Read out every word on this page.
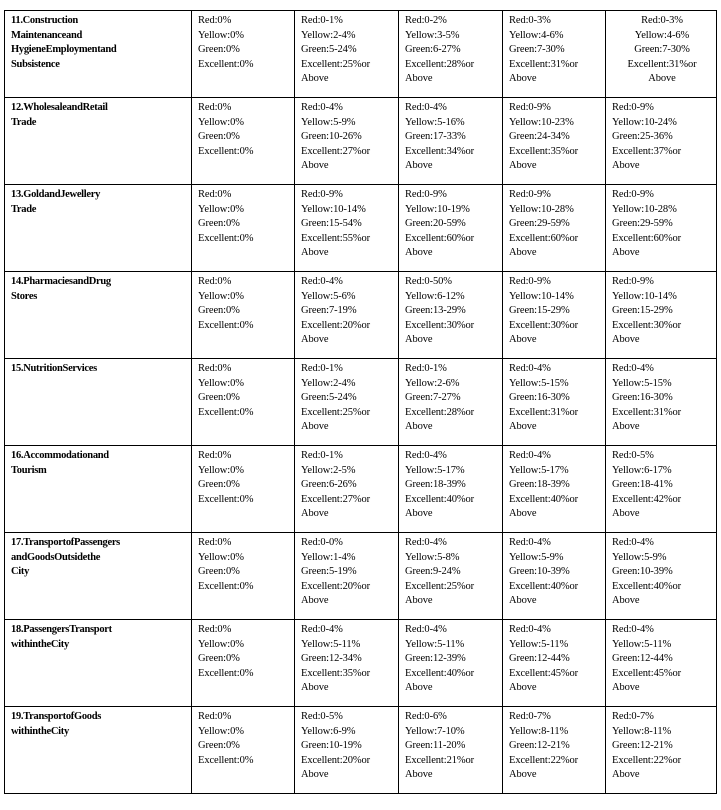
11.Construction
Maintenanceand
HygieneEmploymentand
Subsistence	Red:0%
Yellow:0%
Green:0%
Excellent:0%	Red:0-1%
Yellow:2-4%
Green:5-24%
Excellent:25%or
Above	Red:0-2%
Yellow:3-5%
Green:6-27%
Excellent:28%or
Above	Red:0-3%
Yellow:4-6%
Green:7-30%
Excellent:31%or
Above	Red:0-3%
Yellow:4-6%
Green:7-30%
Excellent:31%or
Above

12.WholesaleandRetail
Trade	Red:0%
Yellow:0%
Green:0%
Excellent:0%	Red:0-4%
Yellow:5-9%
Green:10-26%
Excellent:27%or
Above	Red:0-4%
Yellow:5-16%
Green:17-33%
Excellent:34%or
Above	Red:0-9%
Yellow:10-23%
Green:24-34%
Excellent:35%or
Above	Red:0-9%
Yellow:10-24%
Green:25-36%
Excellent:37%or
Above

13.GoldandJewellery
Trade	Red:0%
Yellow:0%
Green:0%
Excellent:0%	Red:0-9%
Yellow:10-14%
Green:15-54%
Excellent:55%or
Above	Red:0-9%
Yellow:10-19%
Green:20-59%
Excellent:60%or
Above	Red:0-9%
Yellow:10-28%
Green:29-59%
Excellent:60%or
Above	Red:0-9%
Yellow:10-28%
Green:29-59%
Excellent:60%or
Above

14.PharmaciesandDrug
Stores	Red:0%
Yellow:0%
Green:0%
Excellent:0%	Red:0-4%
Yellow:5-6%
Green:7-19%
Excellent:20%or
Above	Red:0-50%
Yellow:6-12%
Green:13-29%
Excellent:30%or
Above	Red:0-9%
Yellow:10-14%
Green:15-29%
Excellent:30%or
Above	Red:0-9%
Yellow:10-14%
Green:15-29%
Excellent:30%or
Above

15.NutritionServices	Red:0%
Yellow:0%
Green:0%
Excellent:0%	Red:0-1%
Yellow:2-4%
Green:5-24%
Excellent:25%or
Above	Red:0-1%
Yellow:2-6%
Green:7-27%
Excellent:28%or
Above	Red:0-4%
Yellow:5-15%
Green:16-30%
Excellent:31%or
Above	Red:0-4%
Yellow:5-15%
Green:16-30%
Excellent:31%or
Above

16.Accommodationand
Tourism	Red:0%
Yellow:0%
Green:0%
Excellent:0%	Red:0-1%
Yellow:2-5%
Green:6-26%
Excellent:27%or
Above	Red:0-4%
Yellow:5-17%
Green:18-39%
Excellent:40%or
Above	Red:0-4%
Yellow:5-17%
Green:18-39%
Excellent:40%or
Above	Red:0-5%
Yellow:6-17%
Green:18-41%
Excellent:42%or
Above

17.TransportofPassengers
andGoodsOutsidethe
City	Red:0%
Yellow:0%
Green:0%
Excellent:0%	Red:0-0%
Yellow:1-4%
Green:5-19%
Excellent:20%or
Above	Red:0-4%
Yellow:5-8%
Green:9-24%
Excellent:25%or
Above	Red:0-4%
Yellow:5-9%
Green:10-39%
Excellent:40%or
Above	Red:0-4%
Yellow:5-9%
Green:10-39%
Excellent:40%or
Above

18.PassengersTransport
withintheCity	Red:0%
Yellow:0%
Green:0%
Excellent:0%	Red:0-4%
Yellow:5-11%
Green:12-34%
Excellent:35%or
Above	Red:0-4%
Yellow:5-11%
Green:12-39%
Excellent:40%or
Above	Red:0-4%
Yellow:5-11%
Green:12-44%
Excellent:45%or
Above	Red:0-4%
Yellow:5-11%
Green:12-44%
Excellent:45%or
Above

19.TransportofGoods
withintheCity	Red:0%
Yellow:0%
Green:0%
Excellent:0%	Red:0-5%
Yellow:6-9%
Green:10-19%
Excellent:20%or
Above	Red:0-6%
Yellow:7-10%
Green:11-20%
Excellent:21%or
Above	Red:0-7%
Yellow:8-11%
Green:12-21%
Excellent:22%or
Above	Red:0-7%
Yellow:8-11%
Green:12-21%
Excellent:22%or
Above
